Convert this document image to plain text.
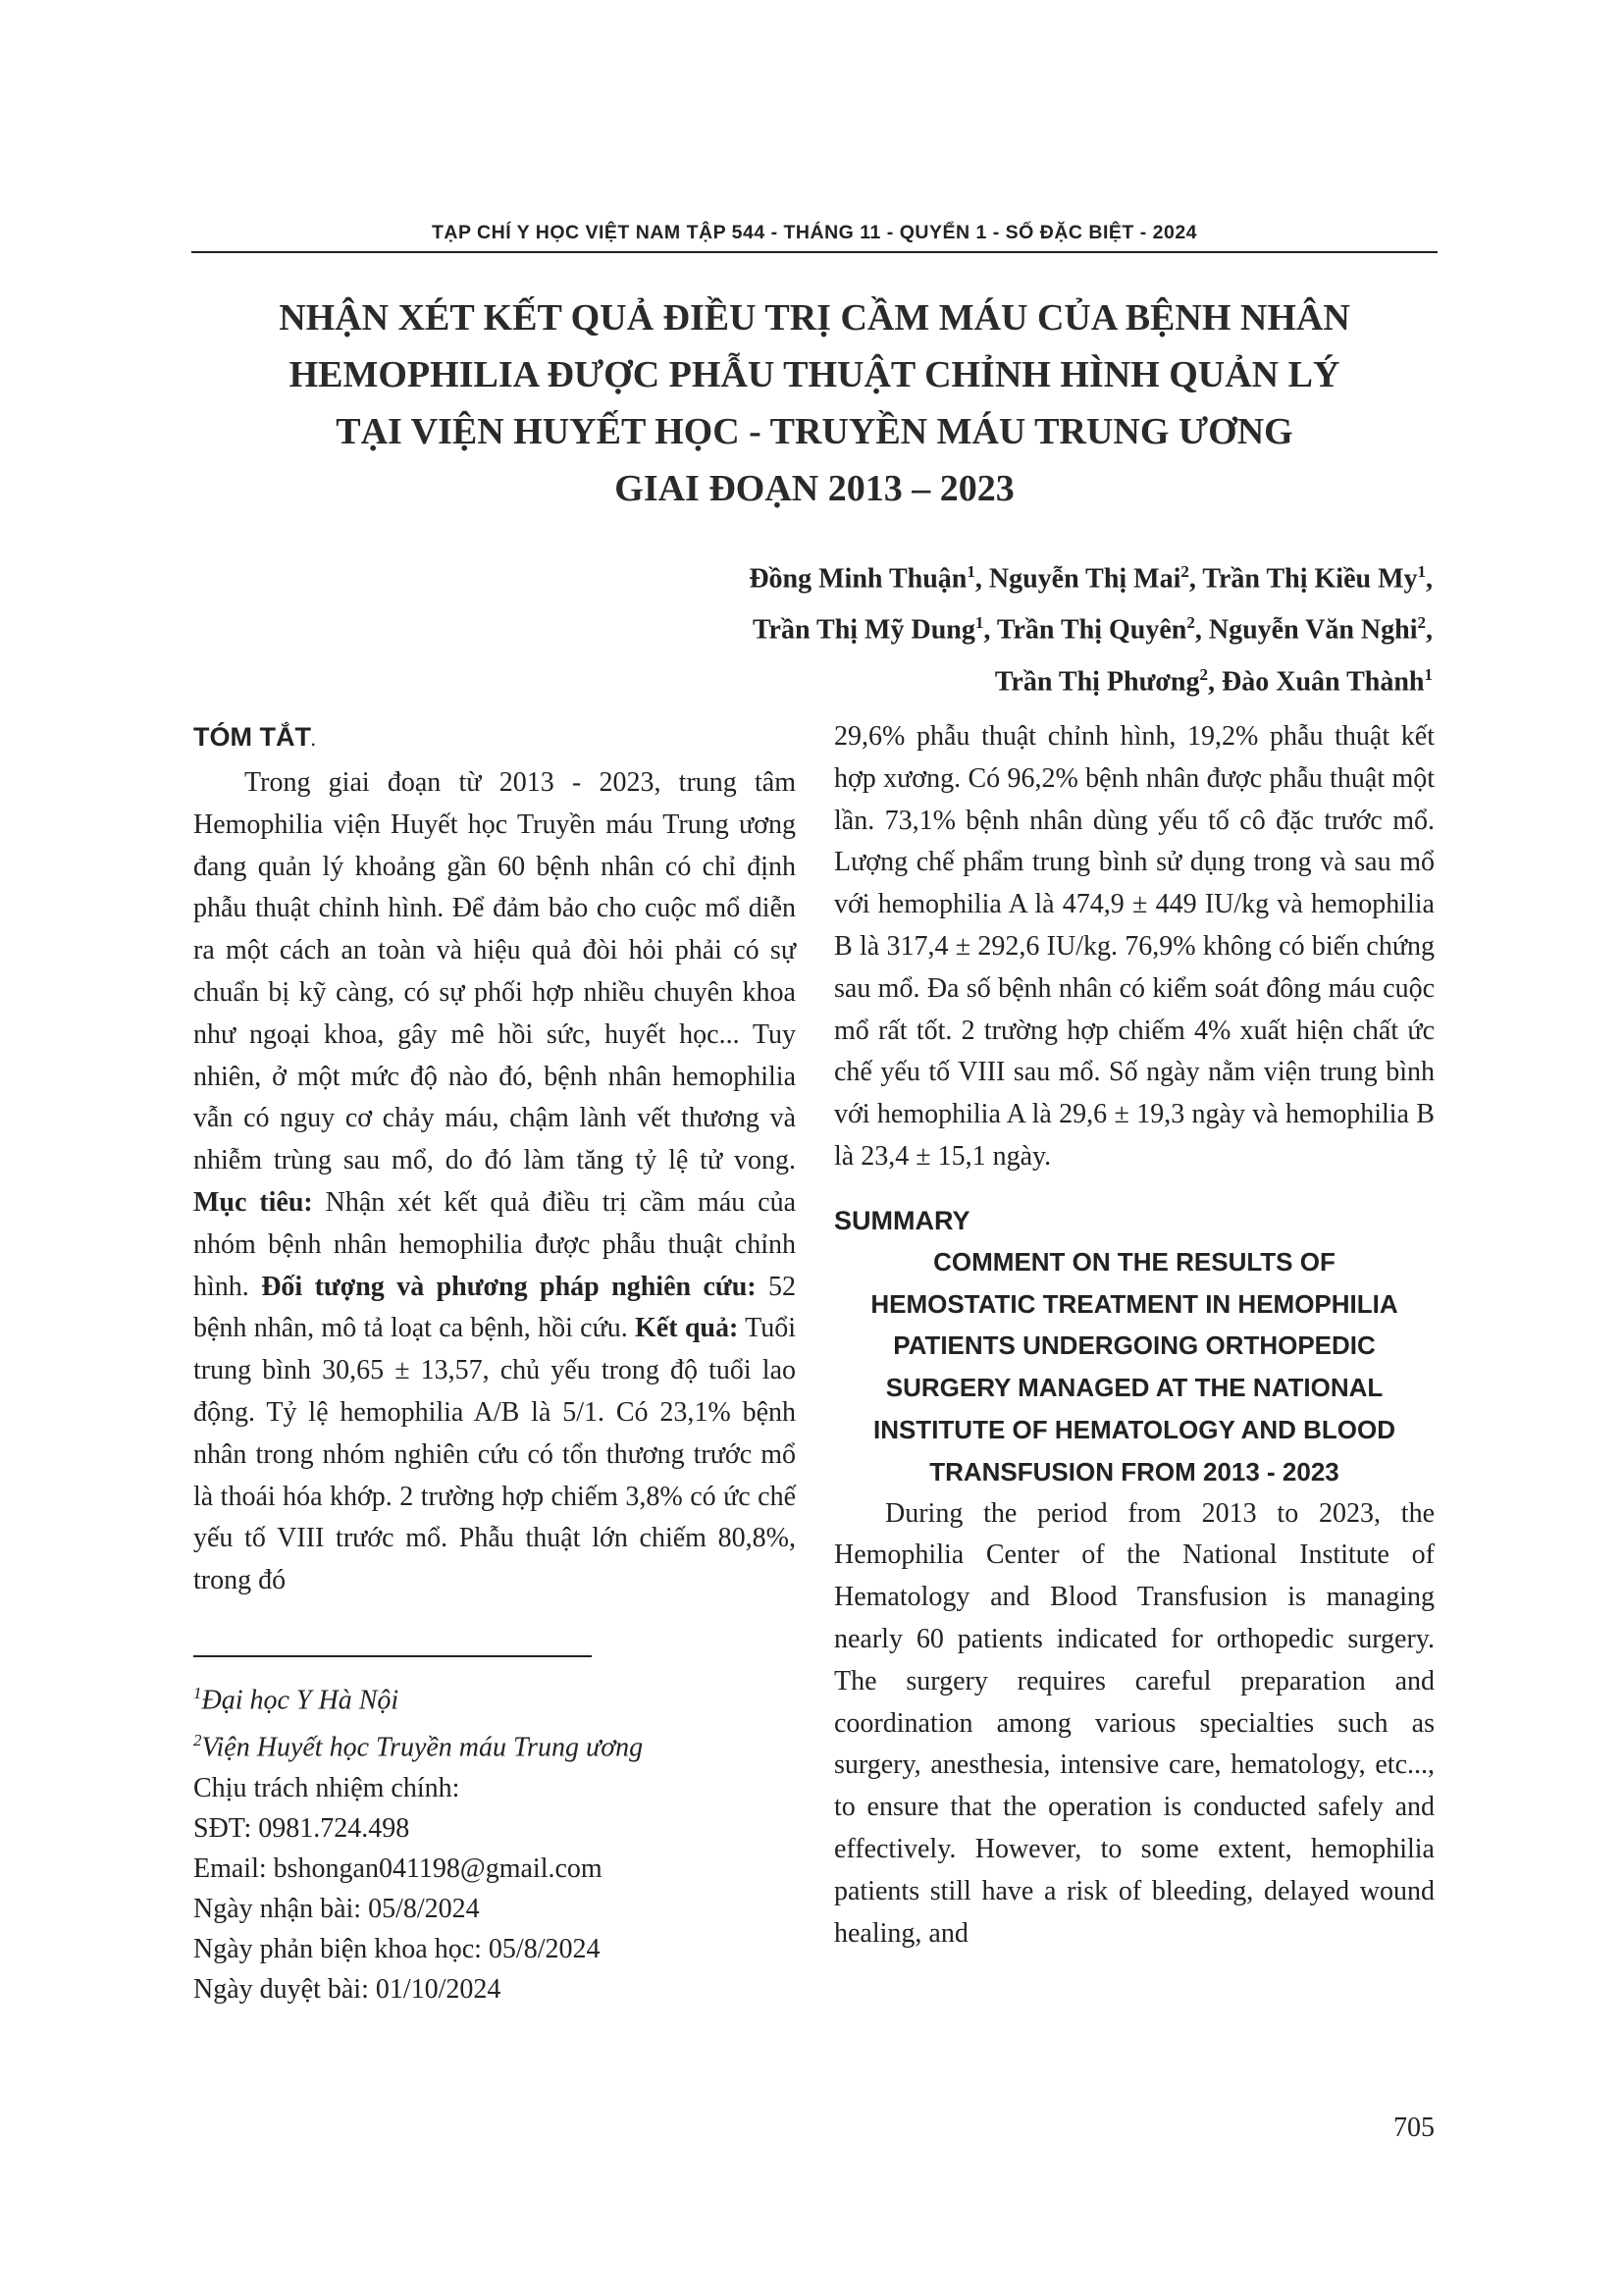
TẠP CHÍ Y HỌC VIỆT NAM TẬP 544 - THÁNG 11 - QUYỂN 1 - SỐ ĐẶC BIỆT - 2024
NHẬN XÉT KẾT QUẢ ĐIỀU TRỊ CẦM MÁU CỦA BỆNH NHÂN
HEMOPHILIA ĐƯỢC PHẪU THUẬT CHỈNH HÌNH QUẢN LÝ
TẠI VIỆN HUYẾT HỌC - TRUYỀN MÁU TRUNG ƯƠNG
GIAI ĐOẠN 2013 – 2023
Đồng Minh Thuận$^1$, Nguyễn Thị Mai$^2$, Trần Thị Kiều My$^1$,
Trần Thị Mỹ Dung$^1$, Trần Thị Quyên$^2$, Nguyễn Văn Nghi$^2$,
Trần Thị Phương$^2$, Đào Xuân Thành$^1$
TÓM TẮT.

Trong giai đoạn từ 2013 - 2023, trung tâm Hemophilia viện Huyết học Truyền máu Trung ương đang quản lý khoảng gần 60 bệnh nhân có chỉ định phẫu thuật chỉnh hình. Để đảm bảo cho cuộc mổ diễn ra một cách an toàn và hiệu quả đòi hỏi phải có sự chuẩn bị kỹ càng, có sự phối hợp nhiều chuyên khoa như ngoại khoa, gây mê hồi sức, huyết học... Tuy nhiên, ở một mức độ nào đó, bệnh nhân hemophilia vẫn có nguy cơ chảy máu, chậm lành vết thương và nhiễm trùng sau mổ, do đó làm tăng tỷ lệ tử vong. Mục tiêu: Nhận xét kết quả điều trị cầm máu của nhóm bệnh nhân hemophilia được phẫu thuật chỉnh hình. Đối tượng và phương pháp nghiên cứu: 52 bệnh nhân, mô tả loạt ca bệnh, hồi cứu. Kết quả: Tuổi trung bình 30,65 ± 13,57, chủ yếu trong độ tuổi lao động. Tỷ lệ hemophilia A/B là 5/1. Có 23,1% bệnh nhân trong nhóm nghiên cứu có tổn thương trước mổ là thoái hóa khớp. 2 trường hợp chiếm 3,8% có ức chế yếu tố VIII trước mổ. Phẫu thuật lớn chiếm 80,8%, trong đó

29,6% phẫu thuật chỉnh hình, 19,2% phẫu thuật kết hợp xương. Có 96,2% bệnh nhân được phẫu thuật một lần. 73,1% bệnh nhân dùng yếu tố cô đặc trước mổ. Lượng chế phẩm trung bình sử dụng trong và sau mổ với hemophilia A là 474,9 ± 449 IU/kg và hemophilia B là 317,4 ± 292,6 IU/kg. 76,9% không có biến chứng sau mổ. Đa số bệnh nhân có kiểm soát đông máu cuộc mổ rất tốt. 2 trường hợp chiếm 4% xuất hiện chất ức chế yếu tố VIII sau mổ. Số ngày nằm viện trung bình với hemophilia A là 29,6 ± 19,3 ngày và hemophilia B là 23,4 ± 15,1 ngày.

SUMMARY
COMMENT ON THE RESULTS OF
HEMOSTATIC TREATMENT IN HEMOPHILIA
PATIENTS UNDERGOING ORTHOPEDIC
SURGERY MANAGED AT THE NATIONAL
INSTITUTE OF HEMATOLOGY AND BLOOD
TRANSFUSION FROM 2013 - 2023

During the period from 2013 to 2023, the Hemophilia Center of the National Institute of Hematology and Blood Transfusion is managing nearly 60 patients indicated for orthopedic surgery. The surgery requires careful preparation and coordination among various specialties such as surgery, anesthesia, intensive care, hematology, etc..., to ensure that the operation is conducted safely and effectively. However, to some extent, hemophilia patients still have a risk of bleeding, delayed wound healing, and

$^1$Đại học Y Hà Nội
$^2$Viện Huyết học Truyền máu Trung ương
Chịu trách nhiệm chính:
SĐT: 0981.724.498
Email: bshongan041198@gmail.com
Ngày nhận bài: 05/8/2024
Ngày phản biện khoa học: 05/8/2024
Ngày duyệt bài: 01/10/2024
705
